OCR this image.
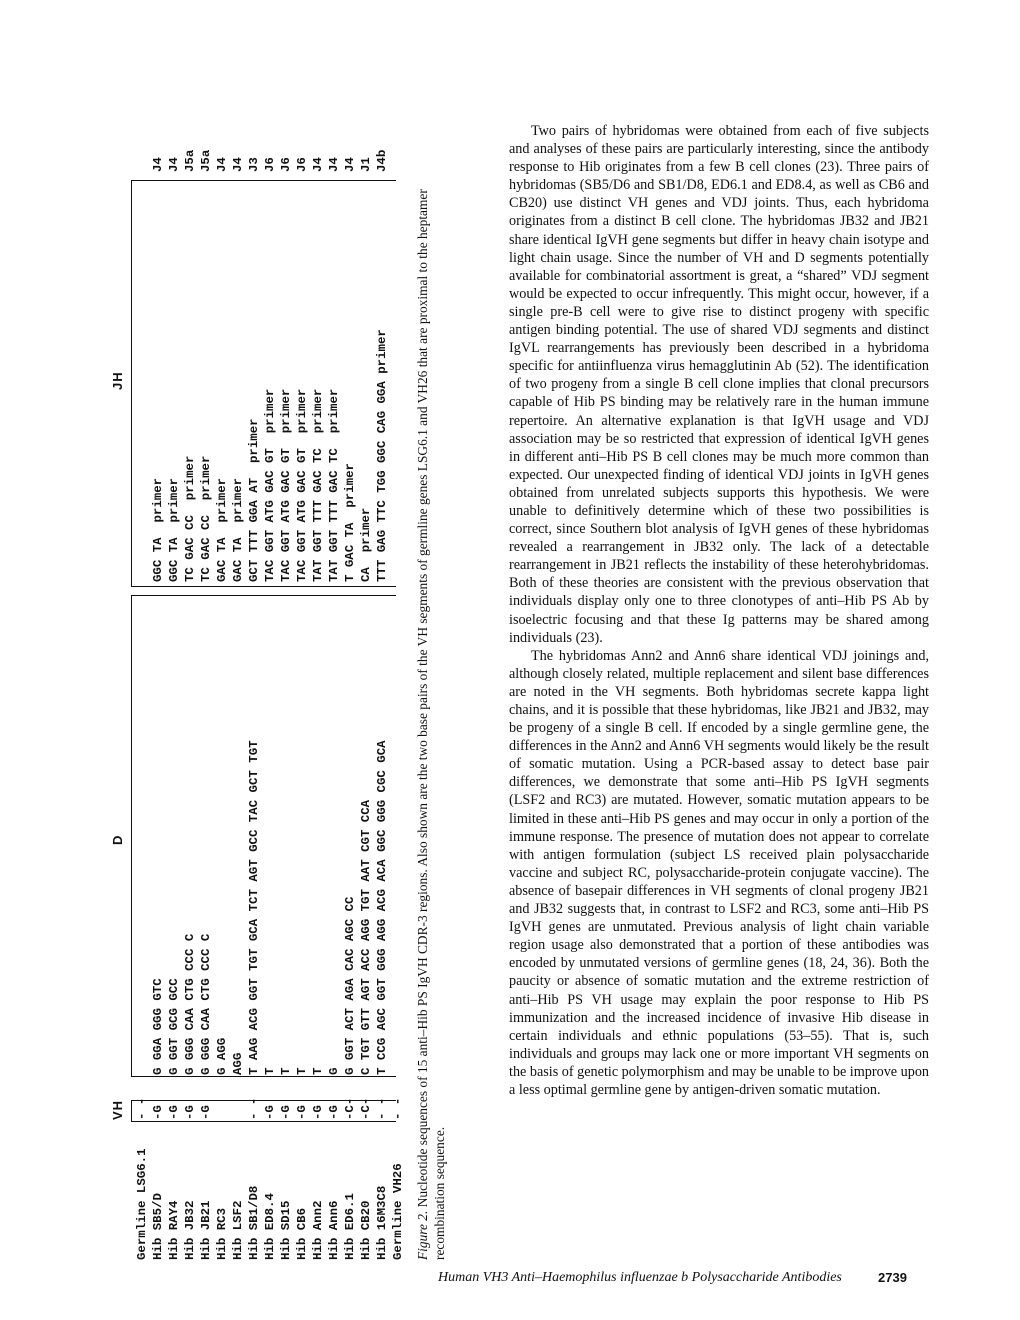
VH
D
JH
Germline LSG6.1
- -
Hib SB5/D
-G
G GGA GGG GTC
GGC TA  primer
J4
Hib RAY4
-G
G GGT GCG GCC
GGC TA  primer
J4
Hib JB32
-G
G GGG CAA CTG CCC C
TC GAC CC  primer
J5a
Hib JB21
-G
G GGG CAA CTG CCC C
TC GAC CC  primer
J5a
Hib RC3
G AGG
GAC TA  primer
J4
Hib LSF2
AGG
GAC TA  primer
J4
Hib SB1/D8
- -
T AAG ACG GGT TGT GCA TCT AGT GCC TAC GCT TGT
GCT TTT GGA AT  primer
J3
Hib ED8.4
-G
T
TAC GGT ATG GAC GT  primer
J6
Hib SD15
-G
T
TAC GGT ATG GAC GT  primer
J6
Hib CB6
-G
T
TAC GGT ATG GAC GT  primer
J6
Hib Ann2
-G
T
TAT GGT TTT GAC TC  primer
J4
Hib Ann6
-G
G
TAT GGT TTT GAC TC  primer
J4
Hib ED6.1
-C-
G GGT ACT AGA CAC AGC CC
T GAC TA  primer
J4
Hib CB20
-C-
C TGT GTT AGT ACC AGG TGT AAT CGT CCA
CA  primer
J1
Hib 16M3C8
- -
T CCG AGC GGT GGG AGG ACG ACA GGC GGG CGC GCA
TTT GAG TTC TGG GGC CAG GGA primer
J4b
Germline VH26
- -
Figure 2. Nucleotide sequences of 15 anti–Hib PS IgVH CDR-3 regions. Also shown are the two base pairs of the VH segments of germline genes LSG6.1 and VH26 that are proximal to the heptamer recombination sequence.

Two pairs of hybridomas were obtained from each of five subjects and analyses of these pairs are particularly interesting, since the antibody response to Hib originates from a few B cell clones (23). Three pairs of hybridomas (SB5/D6 and SB1/D8, ED6.1 and ED8.4, as well as CB6 and CB20) use distinct VH genes and VDJ joints. Thus, each hybridoma originates from a distinct B cell clone. The hybridomas JB32 and JB21 share identical IgVH gene segments but differ in heavy chain isotype and light chain usage. Since the number of VH and D segments potentially available for combinatorial assortment is great, a “shared” VDJ segment would be expected to occur infrequently. This might occur, however, if a single pre-B cell were to give rise to distinct progeny with specific antigen binding potential. The use of shared VDJ segments and distinct IgVL rearrangements has previously been described in a hybridoma specific for antiinfluenza virus hemagglutinin Ab (52). The identification of two progeny from a single B cell clone implies that clonal precursors capable of Hib PS binding may be relatively rare in the human immune repertoire. An alternative explanation is that IgVH usage and VDJ association may be so restricted that expression of identical IgVH genes in different anti–Hib PS B cell clones may be much more common than expected. Our unexpected finding of identical VDJ joints in IgVH genes obtained from unrelated subjects supports this hypothesis. We were unable to definitively determine which of these two possibilities is correct, since Southern blot analysis of IgVH genes of these hybridomas revealed a rearrangement in JB32 only. The lack of a detectable rearrangement in JB21 reflects the instability of these heterohybridomas. Both of these theories are consistent with the previous observation that individuals display only one to three clonotypes of anti–Hib PS Ab by isoelectric focusing and that these Ig patterns may be shared among individuals (23).

The hybridomas Ann2 and Ann6 share identical VDJ joinings and, although closely related, multiple replacement and silent base differences are noted in the VH segments. Both hybridomas secrete kappa light chains, and it is possible that these hybridomas, like JB21 and JB32, may be progeny of a single B cell. If encoded by a single germline gene, the differences in the Ann2 and Ann6 VH segments would likely be the result of somatic mutation. Using a PCR-based assay to detect base pair differences, we demonstrate that some anti–Hib PS IgVH segments (LSF2 and RC3) are mutated. However, somatic mutation appears to be limited in these anti–Hib PS genes and may occur in only a portion of the immune response. The presence of mutation does not appear to correlate with antigen formulation (subject LS received plain polysaccharide vaccine and subject RC, polysaccharide-protein conjugate vaccine). The absence of basepair differences in VH segments of clonal progeny JB21 and JB32 suggests that, in contrast to LSF2 and RC3, some anti–Hib PS IgVH genes are unmutated. Previous analysis of light chain variable region usage also demonstrated that a portion of these antibodies was encoded by unmutated versions of germline genes (18, 24, 36). Both the paucity or absence of somatic mutation and the extreme restriction of anti–Hib PS VH usage may explain the poor response to Hib PS immunization and the increased incidence of invasive Hib disease in certain individuals and ethnic populations (53–55). That is, such individuals and groups may lack one or more important VH segments on the basis of genetic polymorphism and may be unable to be improve upon a less optimal germline gene by antigen-driven somatic mutation.

Human VH3 Anti–Haemophilus influenzae b Polysaccharide Antibodies	2739
